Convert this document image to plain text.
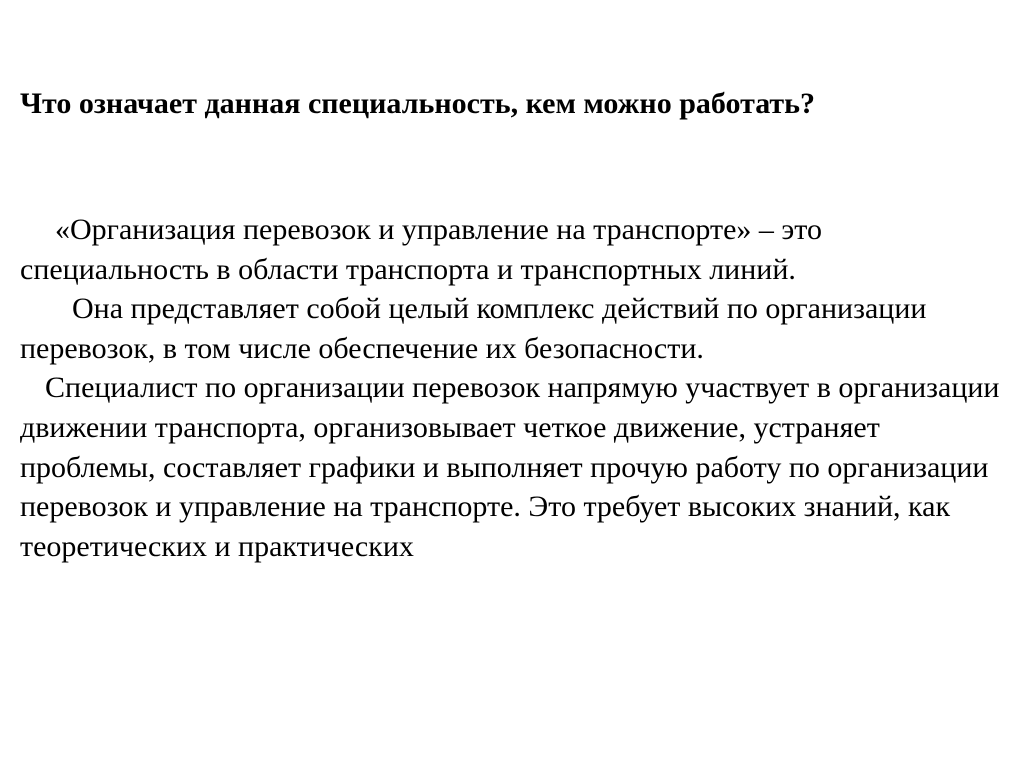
Что означает данная специальность, кем можно работать?

«Организация перевозок и управление на транспорте» – это специальность в области транспорта и транспортных линий.

Она представляет собой целый комплекс действий по организации перевозок, в том числе обеспечение их безопасности.

Специалист по организации перевозок напрямую участвует в организации движении транспорта, организовывает четкое движение, устраняет проблемы, составляет графики и выполняет прочую работу по организации перевозок и управление на транспорте. Это требует высоких знаний, как теоретических и практических
